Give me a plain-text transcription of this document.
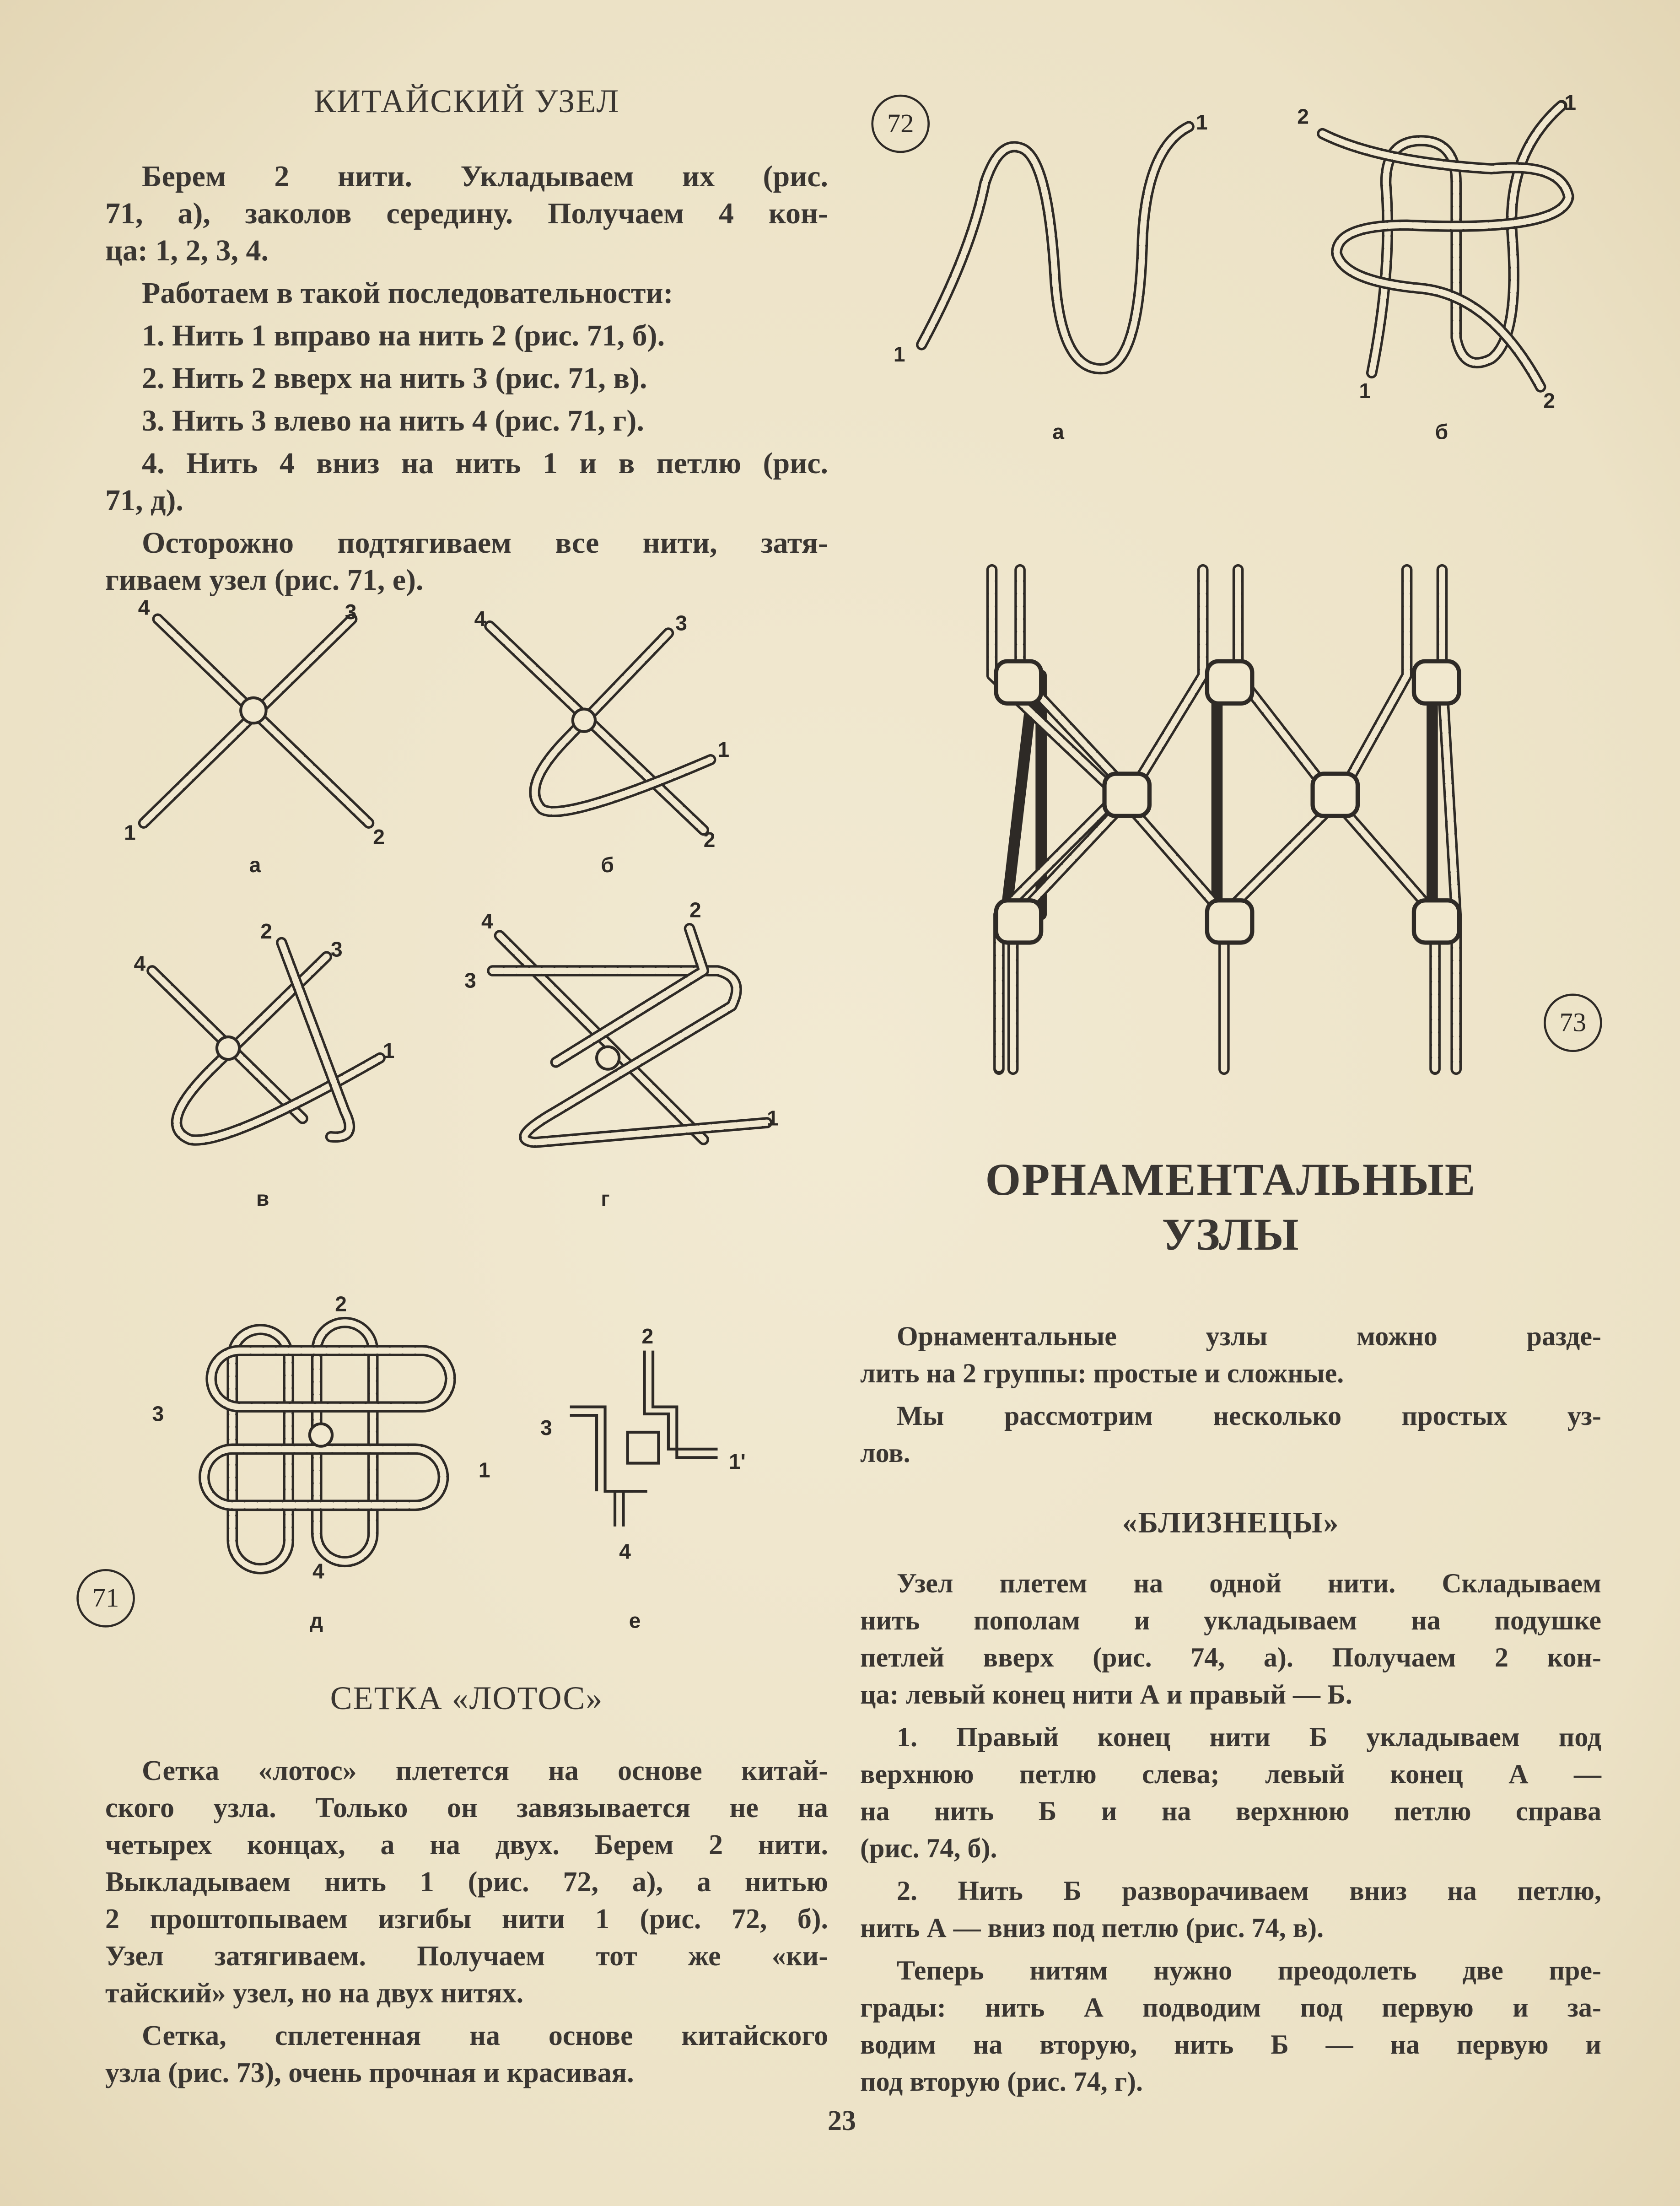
КИТАЙСКИЙ УЗЕЛ
Берем 2 нити. Укладываем их (рис.
71, а), заколов середину. Получаем 4 кон-
ца: 1, 2, 3, 4.
Работаем в такой последовательности:
1. Нить 1 вправо на нить 2 (рис. 71, б).
2. Нить 2 вверх на нить 3 (рис. 71, в).
3. Нить 3 влево на нить 4 (рис. 71, г).
4. Нить 4 вниз на нить 1 и в петлю (рис.
71, д).
Осторожно подтягиваем все нити, затя-
гиваем узел (рис. 71, е).
СЕТКА «ЛОТОС»
Сетка «лотос» плетется на основе китай-
ского узла. Только он завязывается не на
четырех концах, а на двух. Берем 2 нити.
Выкладываем нить 1 (рис. 72, а), а нитью
2 проштопываем изгибы нити 1 (рис. 72, б).
Узел затягиваем. Получаем тот же «ки-
тайский» узел, но на двух нитях.
Сетка, сплетенная на основе китайского
узла (рис. 73), очень прочная и красивая.
ОРНАМЕНТАЛЬНЫЕ
УЗЛЫ
Орнаментальные узлы можно разде-
лить на 2 группы: простые и сложные.
Мы рассмотрим несколько простых уз-
лов.
«БЛИЗНЕЦЫ»
Узел плетем на одной нити. Складываем
нить пополам и укладываем на подушке
петлей вверх (рис. 74, а). Получаем 2 кон-
ца: левый конец нити А и правый — Б.
1. Правый конец нити Б укладываем под
верхнюю петлю слева; левый конец А —
на нить Б и на верхнюю петлю справа
(рис. 74, б).
2. Нить Б разворачиваем вниз на петлю,
нить А — вниз под петлю (рис. 74, в).
Теперь нитям нужно преодолеть две пре-
грады: нить А подводим под первую и за-
водим на вторую, нить Б — на первую и
под вторую (рис. 74, г).
23
4	3
1	2
а
4	3
1
2
б
4
2
3
1
в
4	2
3
1
г
2
3
1
4
д
2
3
1'
4
е
71
72	1
1
а
1
2
1	2
б
73
